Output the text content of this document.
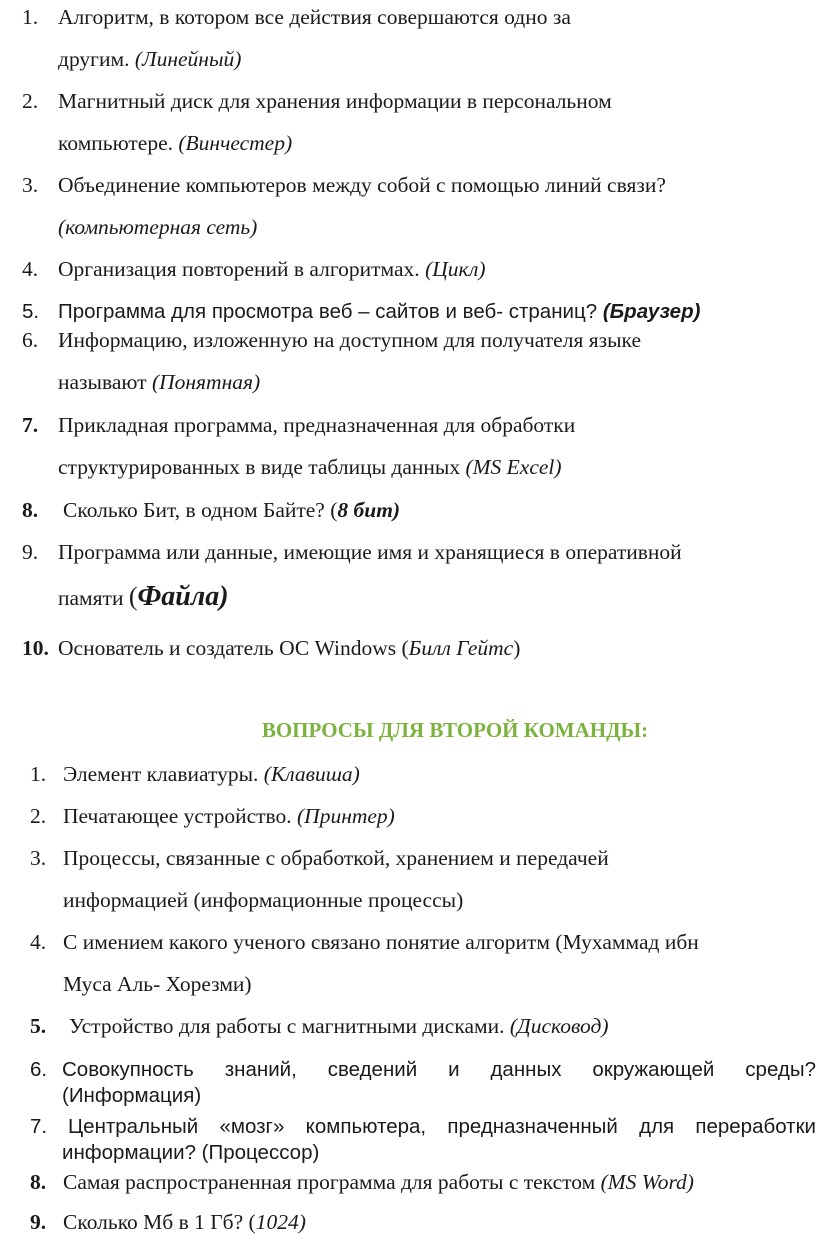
1. Алгоритм, в котором все действия совершаются одно за
другим. (Линейный)
2. Магнитный диск для хранения информации в персональном
компьютере. (Винчестер)
3. Объединение компьютеров между собой с помощью линий связи?
(компьютерная сеть)
4. Организация повторений в алгоритмах. (Цикл)
5. Программа для просмотра веб – сайтов и веб- страниц? (Браузер)
6. Информацию, изложенную на доступном для получателя языке
называют (Понятная)
7. Прикладная программа, предназначенная для обработки
структурированных в виде таблицы данных (MS Excel)
8. Сколько Бит, в одном Байте? (8 бит)
9. Программа или данные, имеющие имя и хранящиеся в оперативной
памяти (Файла)
10. Основатель и создатель ОС Windows (Билл Гейтс)
ВОПРОСЫ ДЛЯ ВТОРОЙ КОМАНДЫ:
1. Элемент клавиатуры. (Клавиша)
2. Печатающее устройство. (Принтер)
3. Процессы, связанные с обработкой, хранением и передачей
информацией (информационные процессы)
4. С имением какого ученого связано понятие алгоритм (Мухаммад ибн
Муса Аль- Хорезми)
5. Устройство для работы с магнитными дисками. (Дисковод)
6. Совокупность знаний, сведений и данных окружающей среды?
(Информация)
7. Центральный «мозг» компьютера, предназначенный для переработки
информации? (Процессор)
8. Самая распространенная программа для работы с текстом (MS Word)
9. Сколько Мб в 1 Гб? (1024)
